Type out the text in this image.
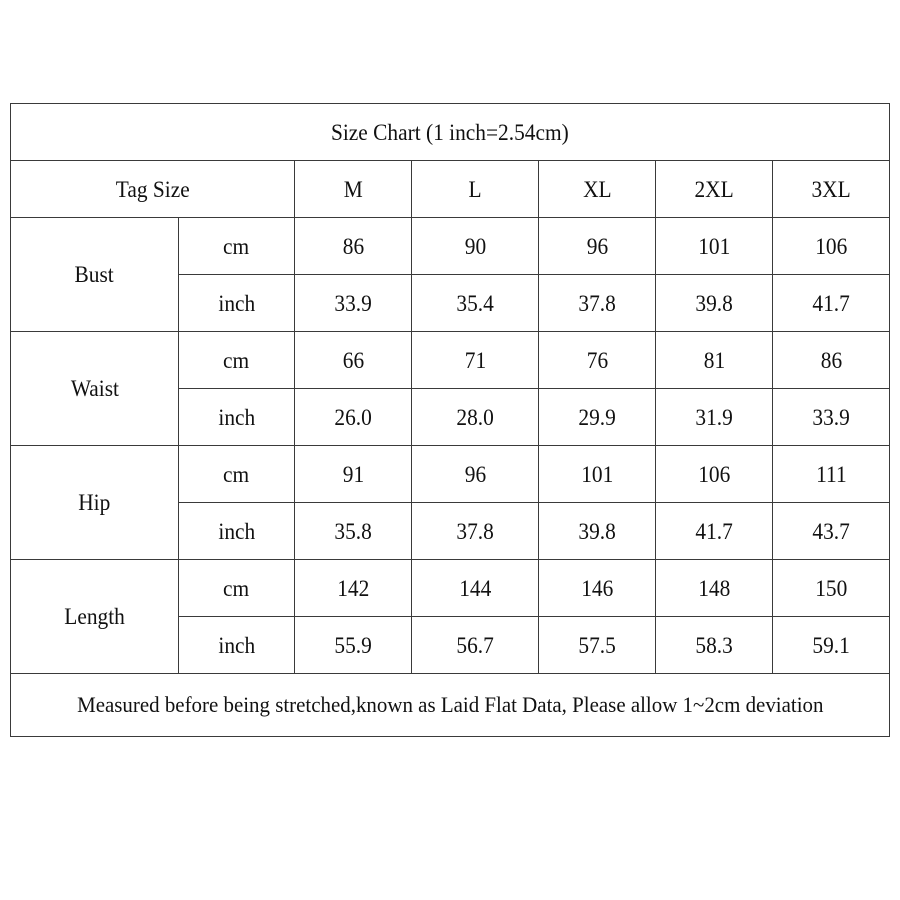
Size Chart (1 inch=2.54cm)						
Tag Size		M	L	XL	2XL	3XL
Bust	cm	86	90	96	101	106
	inch	33.9	35.4	37.8	39.8	41.7
Waist	cm	66	71	76	81	86
	inch	26.0	28.0	29.9	31.9	33.9
Hip	cm	91	96	101	106	111
	inch	35.8	37.8	39.8	41.7	43.7
Length	cm	142	144	146	148	150
	inch	55.9	56.7	57.5	58.3	59.1
Measured before being stretched,known as Laid Flat Data, Please allow 1~2cm deviation						
